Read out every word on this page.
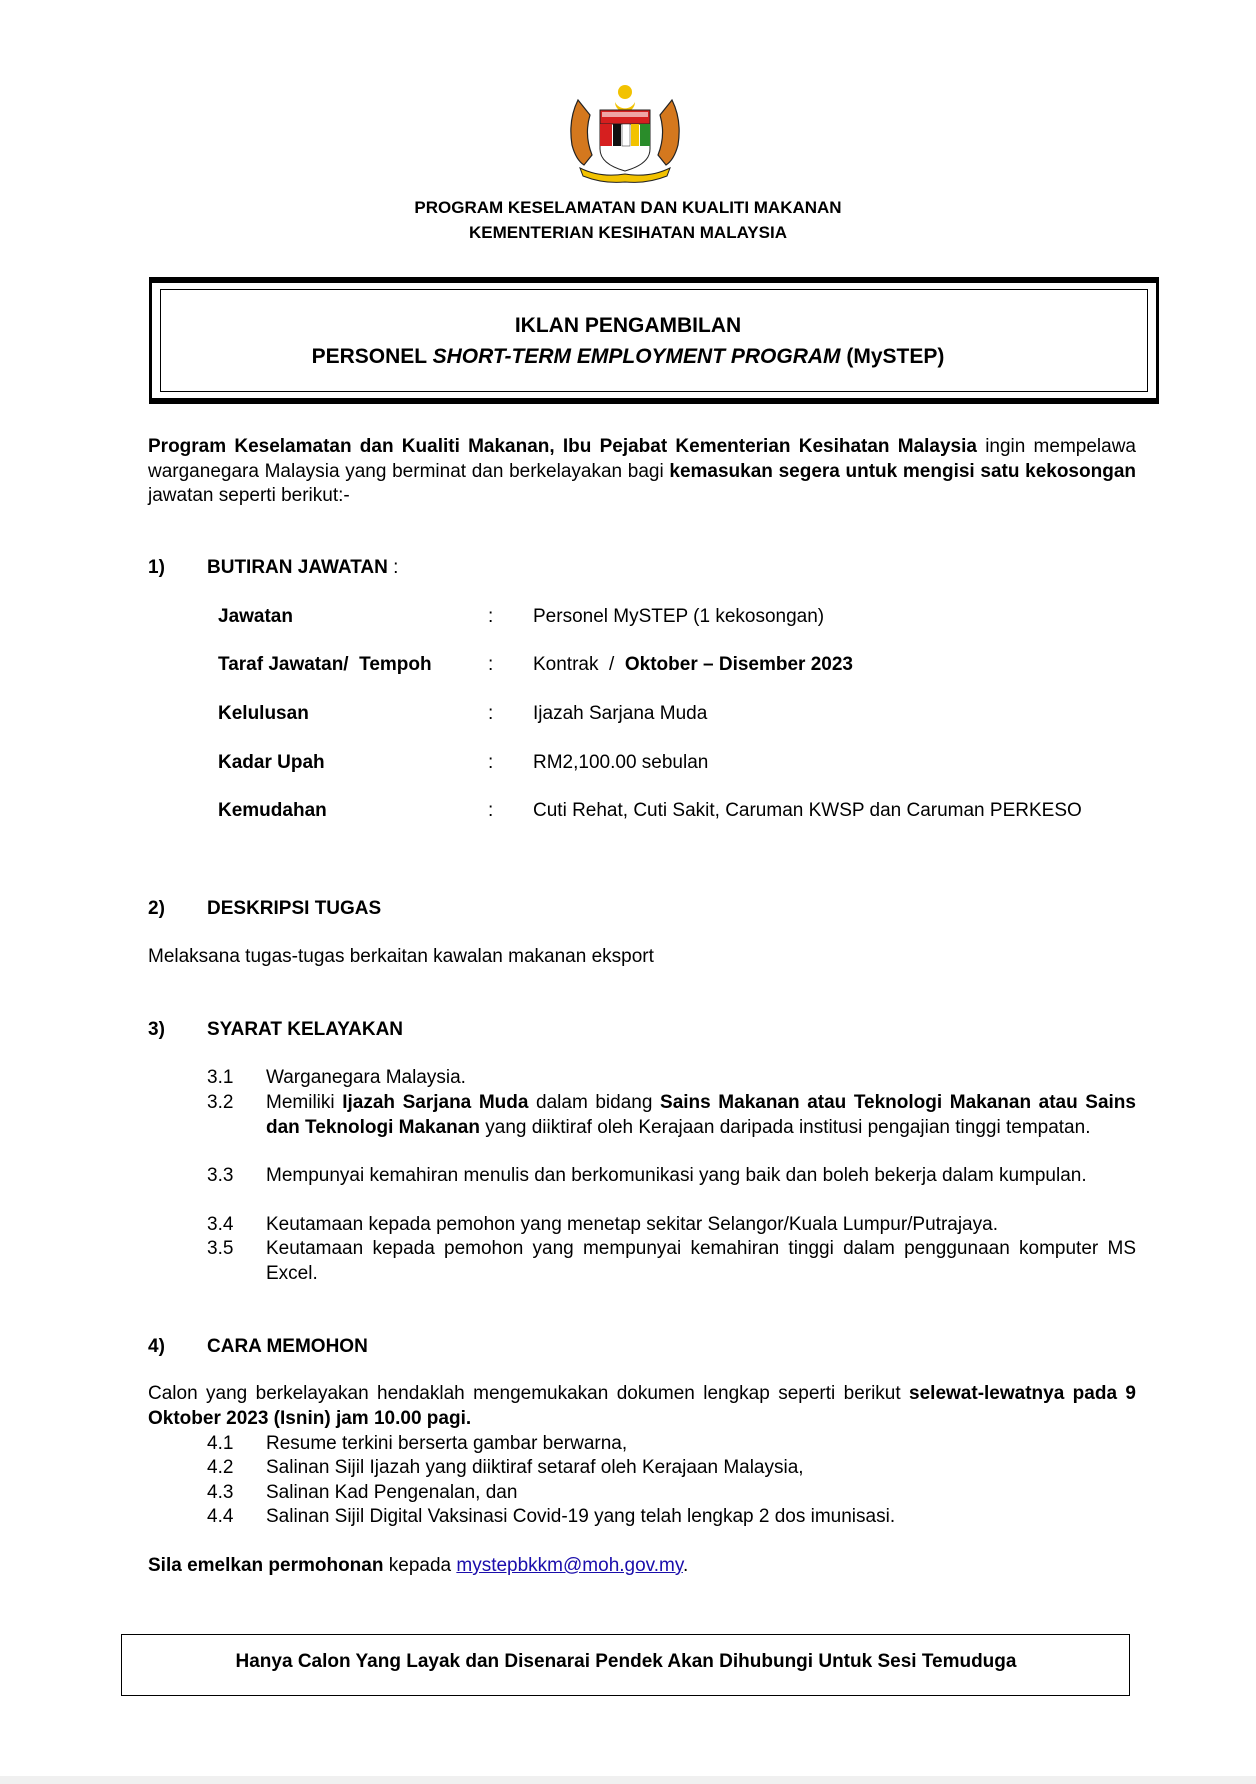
PROGRAM KESELAMATAN DAN KUALITI MAKANAN
KEMENTERIAN KESIHATAN MALAYSIA
IKLAN PENGAMBILAN
PERSONEL SHORT-TERM EMPLOYMENT PROGRAM (MySTEP)
Program Keselamatan dan Kualiti Makanan, Ibu Pejabat Kementerian Kesihatan Malaysia ingin mempelawa warganegara Malaysia yang berminat dan berkelayakan bagi kemasukan segera untuk mengisi satu kekosongan jawatan seperti berikut:-
1) BUTIRAN JAWATAN :
Jawatan	: Personel MySTEP (1 kekosongan)
Taraf Jawatan/  Tempoh	: Kontrak  /  Oktober – Disember 2023
Kelulusan	: Ijazah Sarjana Muda
Kadar Upah	: RM2,100.00 sebulan
Kemudahan	: Cuti Rehat, Cuti Sakit, Caruman KWSP dan Caruman PERKESO
2) DESKRIPSI TUGAS
Melaksana tugas-tugas berkaitan kawalan makanan eksport
3) SYARAT KELAYAKAN
3.1 Warganegara Malaysia.
3.2 Memiliki Ijazah Sarjana Muda dalam bidang Sains Makanan atau Teknologi Makanan atau Sains dan Teknologi Makanan yang diiktiraf oleh Kerajaan daripada institusi pengajian tinggi tempatan.
3.3 Mempunyai kemahiran menulis dan berkomunikasi yang baik dan boleh bekerja dalam kumpulan.
3.4 Keutamaan kepada pemohon yang menetap sekitar Selangor/Kuala Lumpur/Putrajaya.
3.5 Keutamaan kepada pemohon yang mempunyai kemahiran tinggi dalam penggunaan komputer MS Excel.
4) CARA MEMOHON
Calon yang berkelayakan hendaklah mengemukakan dokumen lengkap seperti berikut selewat-lewatnya pada 9 Oktober 2023 (Isnin) jam 10.00 pagi.
4.1 Resume terkini berserta gambar berwarna,
4.2 Salinan Sijil Ijazah yang diiktiraf setaraf oleh Kerajaan Malaysia,
4.3 Salinan Kad Pengenalan, dan
4.4 Salinan Sijil Digital Vaksinasi Covid-19 yang telah lengkap 2 dos imunisasi.
Sila emelkan permohonan kepada mystepbkkm@moh.gov.my.
Hanya Calon Yang Layak dan Disenarai Pendek Akan Dihubungi Untuk Sesi Temuduga
